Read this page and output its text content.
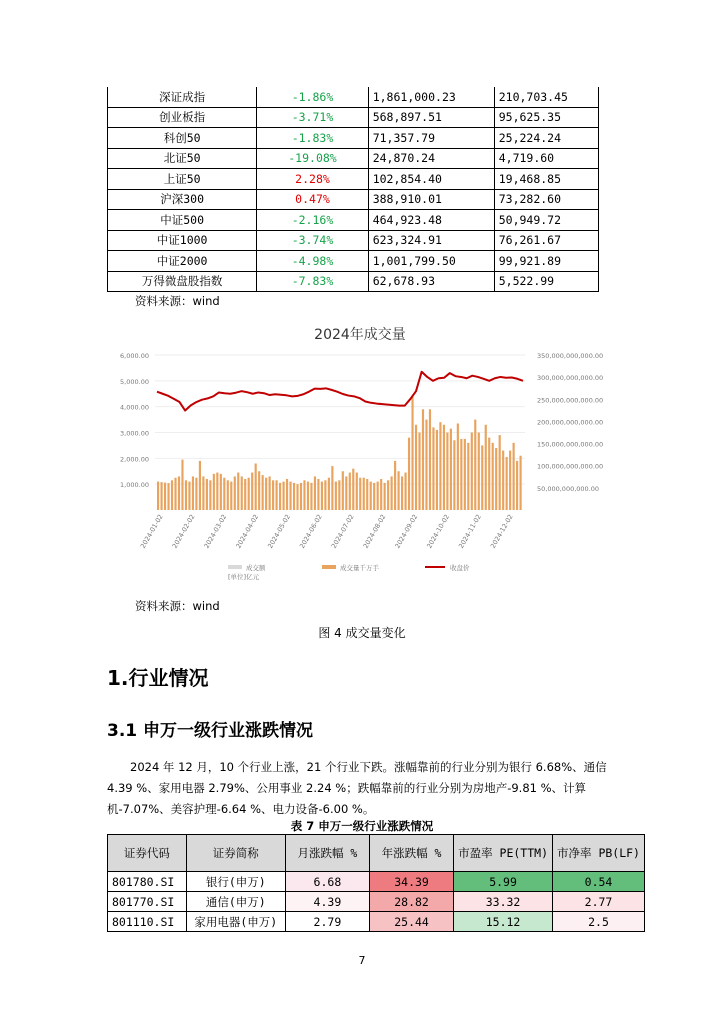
深证成指	-1.86%	1,861,000.23	210,703.45
创业板指	-3.71%	568,897.51	95,625.35
科创50	-1.83%	71,357.79	25,224.24
北证50	-19.08%	24,870.24	4,719.60
上证50	2.28%	102,854.40	19,468.85
沪深300	0.47%	388,910.01	73,282.60
中证500	-2.16%	464,923.48	50,949.72
中证1000	-3.74%	623,324.91	76,261.67
中证2000	-4.98%	1,001,799.50	99,921.89
万得微盘股指数	-7.83%	62,678.93	5,522.99
资料来源：wind
2024年成交量
1,000.00
2,000.00
3,000.00
4,000.00
5,000.00
6,000.00
50,000,000,000.00
100,000,000,000.00
150,000,000,000.00
200,000,000,000.00
250,000,000,000.00
300,000,000,000.00
350,000,000,000.00
2024-01-02 2024-02-02 2024-03-02 2024-04-02 2024-05-02 2024-06-02 2024-07-02 2024-08-02 2024-09-02 2024-10-02 2024-11-02 2024-12-02
成交额
[单位]亿元
成交量千万手	收盘价
资料来源：wind
图 4 成交量变化
1.行业情况
3.1 申万一级行业涨跌情况
2024 年 12 月，10 个行业上涨，21 个行业下跌。涨幅靠前的行业分别为银行 6.68%、通信 4.39 %、家用电器 2.79%、公用事业 2.24 %；跌幅靠前的行业分别为房地产-9.81 %、计算机-7.07%、美容护理-6.64 %、电力设备-6.00 %。
表 7 申万一级行业涨跌情况
证券代码	证券简称	月涨跌幅 %	年涨跌幅 %	市盈率 PE(TTM)	市净率 PB(LF)
801780.SI	银行(申万)	6.68	34.39	5.99	0.54
801770.SI	通信(申万)	4.39	28.82	33.32	2.77
801110.SI	家用电器(申万)	2.79	25.44	15.12	2.5
7
